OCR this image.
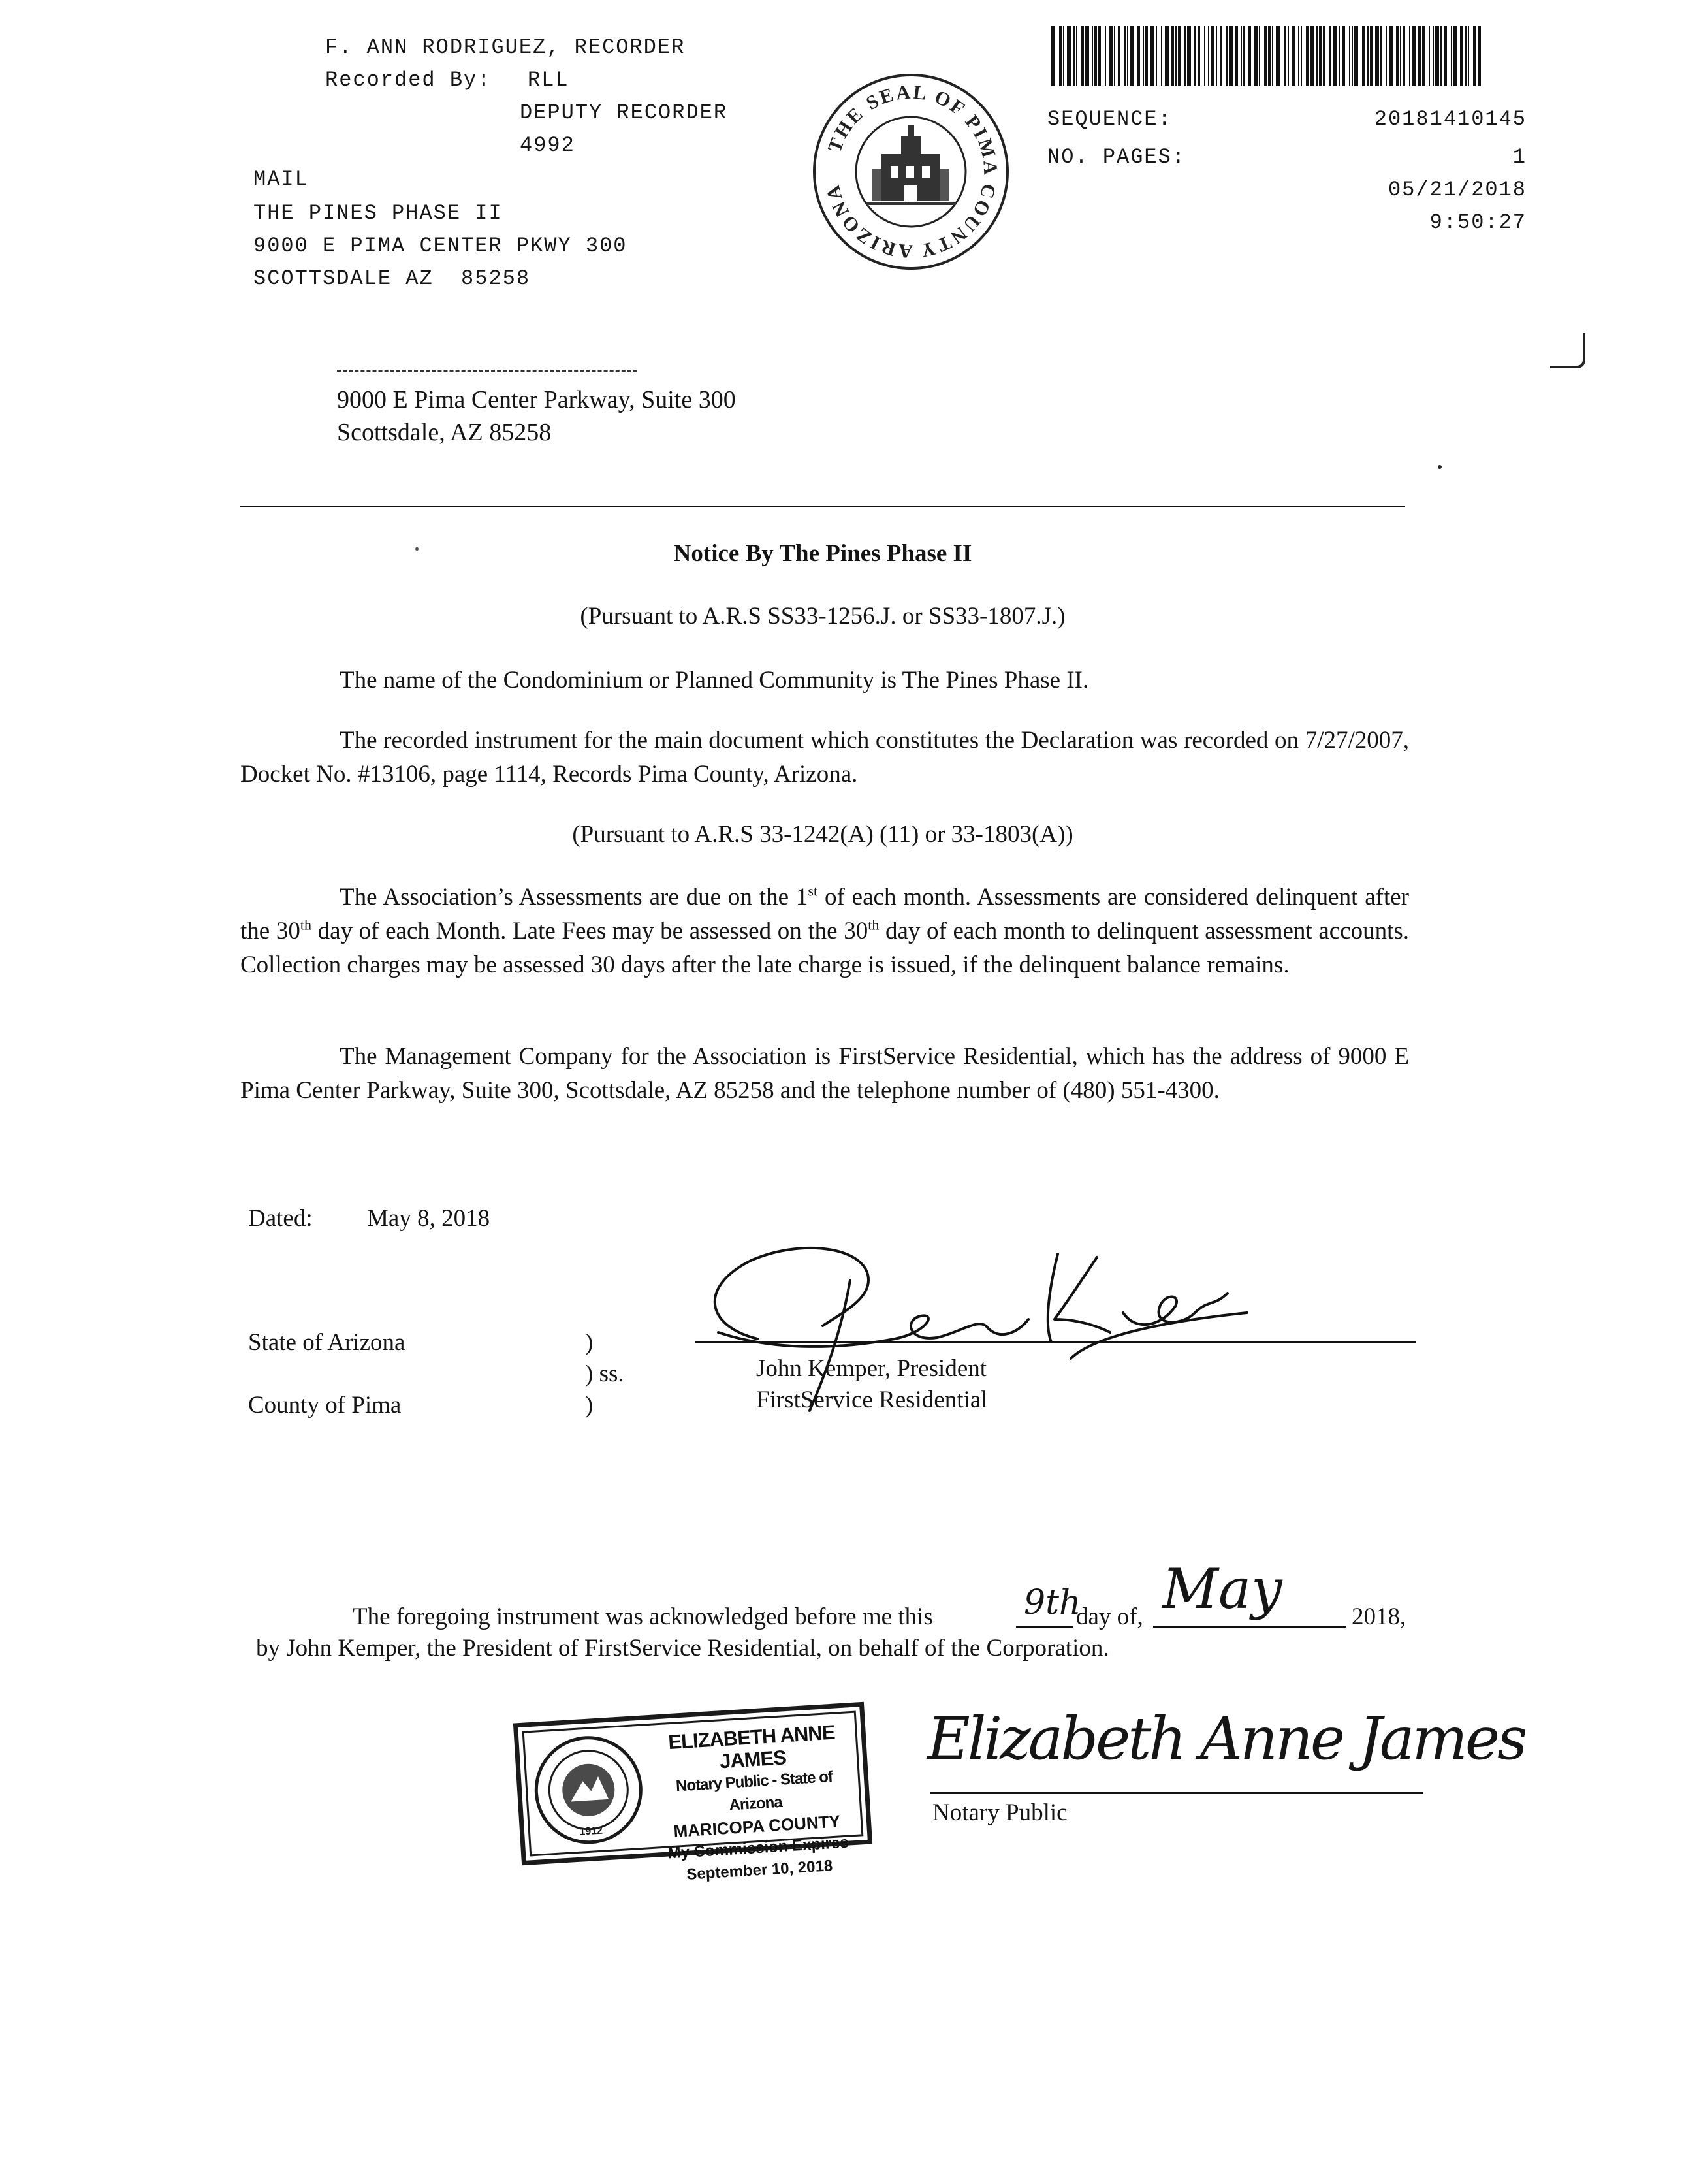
F. ANN RODRIGUEZ, RECORDER
Recorded By: RLL
DEPUTY RECORDER
4992
MAIL
THE PINES PHASE II
9000 E PIMA CENTER PKWY 300
SCOTTSDALE AZ  85258
THE SEAL OF PIMA COUNTY ARIZONA
SEQUENCE:	20181410145
NO. PAGES:	1
05/21/2018
9:50:27
9000 E Pima Center Parkway, Suite 300
Scottsdale, AZ 85258
Notice By The Pines Phase II
(Pursuant to A.R.S SS33-1256.J. or SS33-1807.J.)
The name of the Condominium or Planned Community is The Pines Phase II.
The recorded instrument for the main document which constitutes the Declaration was recorded on 7/27/2007, Docket No. #13106, page 1114, Records Pima County, Arizona.
(Pursuant to A.R.S 33-1242(A) (11) or 33-1803(A))
The Association’s Assessments are due on the 1st of each month. Assessments are considered delinquent after the 30th day of each Month. Late Fees may be assessed on the 30th day of each month to delinquent assessment accounts. Collection charges may be assessed 30 days after the late charge is issued, if the delinquent balance remains.
The Management Company for the Association is FirstService Residential, which has the address of 9000 E Pima Center Parkway, Suite 300, Scottsdale, AZ 85258 and the telephone number of (480) 551-4300.
Dated: May 8, 2018
State of Arizona
County of Pima
)
) ss.
)
John Kemper, President
FirstService Residential
The foregoing instrument was acknowledged before me this	9th
day of, May	2018,
by John Kemper, the President of FirstService Residential, on behalf of the Corporation.
1912
ELIZABETH ANNE JAMES
Notary Public - State of Arizona
MARICOPA COUNTY
My Commission Expires
September 10, 2018
Elizabeth Anne James
Notary Public
